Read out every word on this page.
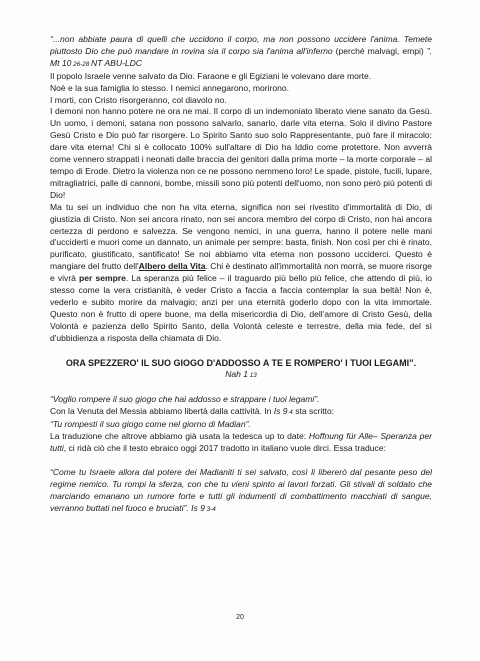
“...non abbiate paura di quelli che uccidono il corpo, ma non possono uccidere l'anima. Temete piuttosto Dio che può mandare in rovina sia il corpo sia l'anima all'inferno (perché malvagi, empi) ”. Mt 10 26-28 NT ABU-LDC

Il popolo Israele venne salvato da Dio. Faraone e gli Egiziani le volevano dare morte.

Noè e la sua famiglia lo stesso. I nemici annegarono, morirono.

I morti, con Cristo risorgeranno, col diavolo no.

I demoni non hanno potere ne ora ne mai. Il corpo di un indemoniato liberato viene sanato da Gesù. Un uomo, i demoni, satana non possono salvarlo, sanarlo, darle vita eterna. Solo il divino Pastore Gesù Cristo e Dio può far risorgere. Lo Spirito Santo suo solo Rappresentante, può fare il miracolo: dare vita eterna! Chi si è collocato 100% sull'altare di Dio ha Iddio come protettore. Non avverrà come vennero strappati i neonati dalle braccia dei genitori dalla prima morte – la morte corporale – al tempo di Erode. Dietro la violenza non ce ne possono nemmeno loro! Le spade, pistole, fucili, lupare, mitragliatrici, palle di cannoni, bombe, missili sono più potenti dell'uomo, non sono però più potenti di Dio!

Ma tu sei un individuo che non ha vita eterna, significa non sei rivestito d'immortalità di Dio, di giustizia di Cristo. Non sei ancora rinato, non sei ancora membro del corpo di Cristo, non hai ancora certezza di perdono e salvezza. Se vengono nemici, in una guerra, hanno il potere nelle mani d'ucciderti e muori come un dannato, un animale per sempre: basta, finish. Non così per chi è rinato, purificato, giustificato, santificato! Se noi abbiamo vita eterna non possono ucciderci. Questo è mangiare del frutto dell'Albero della Vita. Chi è destinato all'immortalità non morrà, se muore risorge e vivrà per sempre. La speranza più felice – il traguardo più bello più felice, che attendo di più, io stesso come la vera cristianità, è veder Cristo a faccia a faccia contemplar la sua beltà! Non è, vederlo e subito morire da malvagio; anzi per una eternità goderlo dopo con la vita immortale. Questo non è frutto di opere buone, ma della misericordia di Dio, dell'amore di Cristo Gesù, della Volontà e pazienza dello Spirito Santo, della Volontà celeste e terrestre, della mia fede, del sì d'ubbidienza a risposta della chiamata di Dio.

ORA SPEZZERO' IL SUO GIOGO D'ADDOSSO A TE E ROMPERO' I TUOI LEGAMI”.
Nah 1 13

“Voglio rompere il suo giogo che hai addosso e strappare i tuoi legami”.

Con la Venuta del Messia abbiamo libertà dalla cattività. In Is 9 4 sta scritto:

“Tu rompesti il suo giogo come nel giorno di Madian”.

La traduzione che altrove abbiamo già usata la tedesca up to date: Hoffnung für Alle– Speranza per tutti, ci ridà ciò che il testo ebraico oggi 2017 tradotto in italiano vuole dirci. Essa traduce:

“Come tu Israele allora dal potere dei Madianiti ti sei salvato, così li libererò dal pesante peso del regime nemico. Tu rompi la sferza, con che tu vieni spinto ai lavori forzati. Gli stivali di soldato che marciando emanano un rumore forte e tutti gli indumenti di combattimento macchiati di sangue, verranno buttati nel fuoco e bruciati”. Is 9 3-4

20
